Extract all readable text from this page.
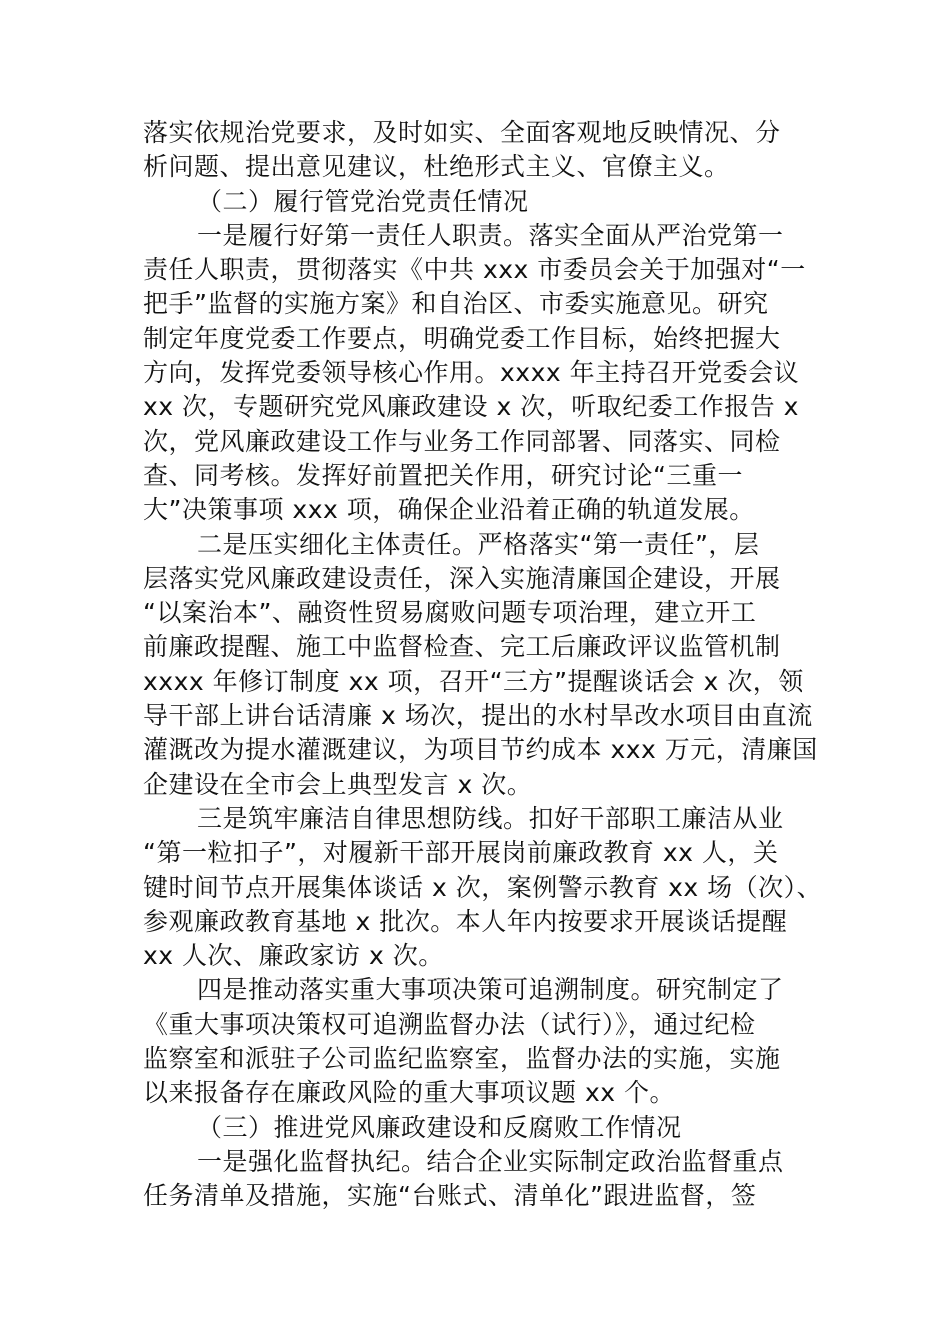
落实依规治党要求，及时如实、全面客观地反映情况、分
析问题、提出意见建议，杜绝形式主义、官僚主义。
（二）履行管党治党责任情况
一是履行好第一责任人职责。落实全面从严治党第一
责任人职责，贯彻落实《中共 xxx 市委员会关于加强对“一
把手”监督的实施方案》和自治区、市委实施意见。研究
制定年度党委工作要点，明确党委工作目标，始终把握大
方向，发挥党委领导核心作用。xxxx 年主持召开党委会议
xx 次，专题研究党风廉政建设 x 次，听取纪委工作报告 x
次，党风廉政建设工作与业务工作同部署、同落实、同检
查、同考核。发挥好前置把关作用，研究讨论“三重一
大”决策事项 xxx 项，确保企业沿着正确的轨道发展。
二是压实细化主体责任。严格落实“第一责任”，层
层落实党风廉政建设责任，深入实施清廉国企建设，开展
“以案治本”、融资性贸易腐败问题专项治理，建立开工
前廉政提醒、施工中监督检查、完工后廉政评议监管机制
xxxx 年修订制度 xx 项，召开“三方”提醒谈话会 x 次，领
导干部上讲台话清廉 x 场次，提出的水村旱改水项目由直流
灌溉改为提水灌溉建议，为项目节约成本 xxx 万元，清廉国
企建设在全市会上典型发言 x 次。
三是筑牢廉洁自律思想防线。扣好干部职工廉洁从业
“第一粒扣子”，对履新干部开展岗前廉政教育 xx 人，关
键时间节点开展集体谈话 x 次，案例警示教育 xx 场（次）、
参观廉政教育基地 x 批次。本人年内按要求开展谈话提醒
xx 人次、廉政家访 x 次。
四是推动落实重大事项决策可追溯制度。研究制定了
《重大事项决策权可追溯监督办法（试行）》，通过纪检
监察室和派驻子公司监纪监察室，监督办法的实施，实施
以来报备存在廉政风险的重大事项议题 xx 个。
（三）推进党风廉政建设和反腐败工作情况
一是强化监督执纪。结合企业实际制定政治监督重点
任务清单及措施，实施“台账式、清单化”跟进监督，签
